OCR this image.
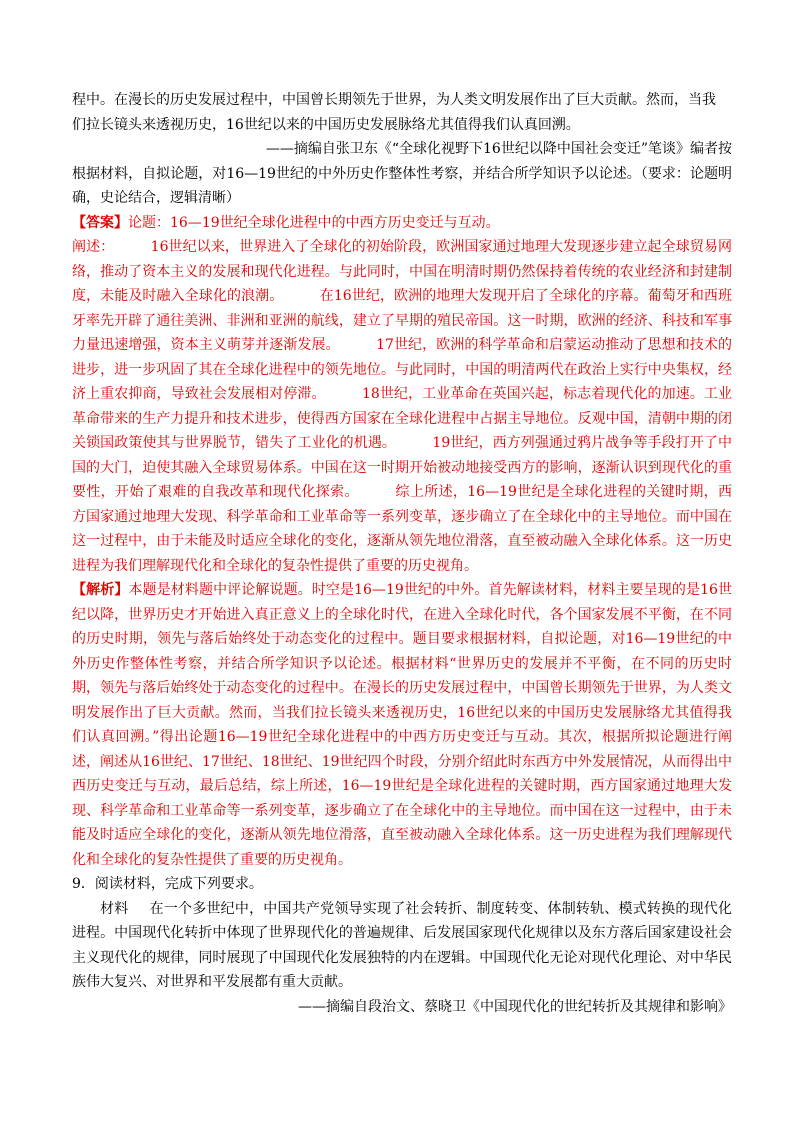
程中。在漫长的历史发展过程中，中国曾长期领先于世界，为人类文明发展作出了巨大贡献。然而，当我

们拉长镜头来透视历史，16世纪以来的中国历史发展脉络尤其值得我们认真回溯。

——摘编自张卫东《“全球化视野下16世纪以降中国社会变迁”笔谈》编者按

根据材料，自拟论题，对16—19世纪的中外历史作整体性考察，并结合所学知识予以论述。（要求：论题明确，史论结合，逻辑清晰）

【答案】论题：16—19世纪全球化进程中的中西方历史变迁与互动。

阐述：	16世纪以来，世界进入了全球化的初始阶段，欧洲国家通过地理大发现逐步建立起全球贸易网络，推动了资本主义的发展和现代化进程。与此同时，中国在明清时期仍然保持着传统的农业经济和封建制度，未能及时融入全球化的浪潮。	在16世纪，欧洲的地理大发现开启了全球化的序幕。葡萄牙和西班牙率先开辟了通往美洲、非洲和亚洲的航线，建立了早期的殖民帝国。这一时期，欧洲的经济、科技和军事力量迅速增强，资本主义萌芽并逐渐发展。	17世纪，欧洲的科学革命和启蒙运动推动了思想和技术的进步，进一步巩固了其在全球化进程中的领先地位。与此同时，中国的明清两代在政治上实行中央集权，经济上重农抑商，导致社会发展相对停滞。	18世纪，工业革命在英国兴起，标志着现代化的加速。工业革命带来的生产力提升和技术进步，使得西方国家在全球化进程中占据主导地位。反观中国，清朝中期的闭关锁国政策使其与世界脱节，错失了工业化的机遇。	19世纪，西方列强通过鸦片战争等手段打开了中国的大门，迫使其融入全球贸易体系。中国在这一时期开始被动地接受西方的影响，逐渐认识到现代化的重要性，开始了艰难的自我改革和现代化探索。	综上所述，16—19世纪是全球化进程的关键时期，西方国家通过地理大发现、科学革命和工业革命等一系列变革，逐步确立了在全球化中的主导地位。而中国在这一过程中，由于未能及时适应全球化的变化，逐渐从领先地位滑落，直至被动融入全球化体系。这一历史进程为我们理解现代化和全球化的复杂性提供了重要的历史视角。

【解析】本题是材料题中评论解说题。时空是16—19世纪的中外。首先解读材料，材料主要呈现的是16世纪以降，世界历史才开始进入真正意义上的全球化时代，在进入全球化时代，各个国家发展不平衡，在不同的历史时期，领先与落后始终处于动态变化的过程中。题目要求根据材料，自拟论题，对16—19世纪的中外历史作整体性考察，并结合所学知识予以论述。根据材料“世界历史的发展并不平衡，在不同的历史时期，领先与落后始终处于动态变化的过程中。在漫长的历史发展过程中，中国曾长期领先于世界，为人类文明发展作出了巨大贡献。然而，当我们拉长镜头来透视历史，16世纪以来的中国历史发展脉络尤其值得我们认真回溯。”得出论题16—19世纪全球化进程中的中西方历史变迁与互动。其次，根据所拟论题进行阐述，阐述从16世纪、17世纪、18世纪、19世纪四个时段，分别介绍此时东西方中外发展情况，从而得出中西历史变迁与互动，最后总结，综上所述，16—19世纪是全球化进程的关键时期，西方国家通过地理大发现、科学革命和工业革命等一系列变革，逐步确立了在全球化中的主导地位。而中国在这一过程中，由于未能及时适应全球化的变化，逐渐从领先地位滑落，直至被动融入全球化体系。这一历史进程为我们理解现代化和全球化的复杂性提供了重要的历史视角。

9．阅读材料，完成下列要求。

材料 在一个多世纪中，中国共产党领导实现了社会转折、制度转变、体制转轨、模式转换的现代化进程。中国现代化转折中体现了世界现代化的普遍规律、后发展国家现代化规律以及东方落后国家建设社会主义现代化的规律，同时展现了中国现代化发展独特的内在逻辑。中国现代化无论对现代化理论、对中华民族伟大复兴、对世界和平发展都有重大贡献。

——摘编自段治文、蔡晓卫《中国现代化的世纪转折及其规律和影响》
